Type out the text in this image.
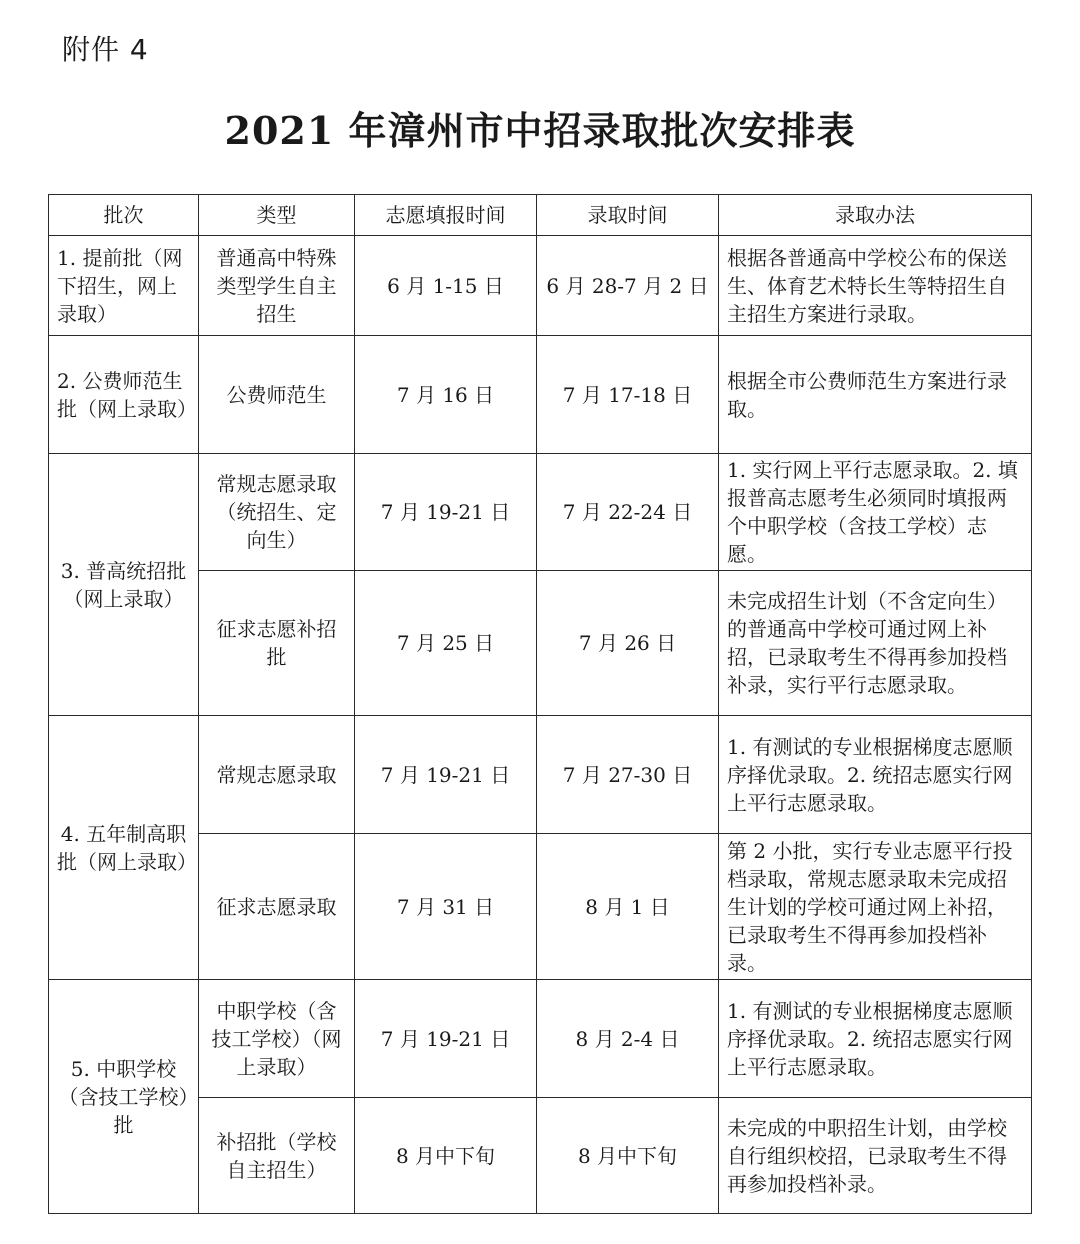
附件 4
2021 年漳州市中招录取批次安排表
批次	类型	志愿填报时间	录取时间	录取办法
1. 提前批（网下招生，网上录取）	普通高中特殊类型学生自主招生	6 月 1-15 日	6 月 28-7 月 2 日	根据各普通高中学校公布的保送生、体育艺术特长生等特招生自主招生方案进行录取。
2. 公费师范生批（网上录取）	公费师范生	7 月 16 日	7 月 17-18 日	根据全市公费师范生方案进行录取。
3. 普高统招批（网上录取）	常规志愿录取（统招生、定向生）	7 月 19-21 日	7 月 22-24 日	1. 实行网上平行志愿录取。2. 填报普高志愿考生必须同时填报两个中职学校（含技工学校）志愿。
	征求志愿补招批	7 月 25 日	7 月 26 日	未完成招生计划（不含定向生）的普通高中学校可通过网上补招，已录取考生不得再参加投档补录，实行平行志愿录取。
4. 五年制高职批（网上录取）	常规志愿录取	7 月 19-21 日	7 月 27-30 日	1. 有测试的专业根据梯度志愿顺序择优录取。2. 统招志愿实行网上平行志愿录取。
	征求志愿录取	7 月 31 日	8 月 1 日	第 2 小批，实行专业志愿平行投档录取，常规志愿录取未完成招生计划的学校可通过网上补招，已录取考生不得再参加投档补录。
5. 中职学校（含技工学校）批	中职学校（含技工学校）（网上录取）	7 月 19-21 日	8 月 2-4 日	1. 有测试的专业根据梯度志愿顺序择优录取。2. 统招志愿实行网上平行志愿录取。
	补招批（学校自主招生）	8 月中下旬	8 月中下旬	未完成的中职招生计划，由学校自行组织校招，已录取考生不得再参加投档补录。
